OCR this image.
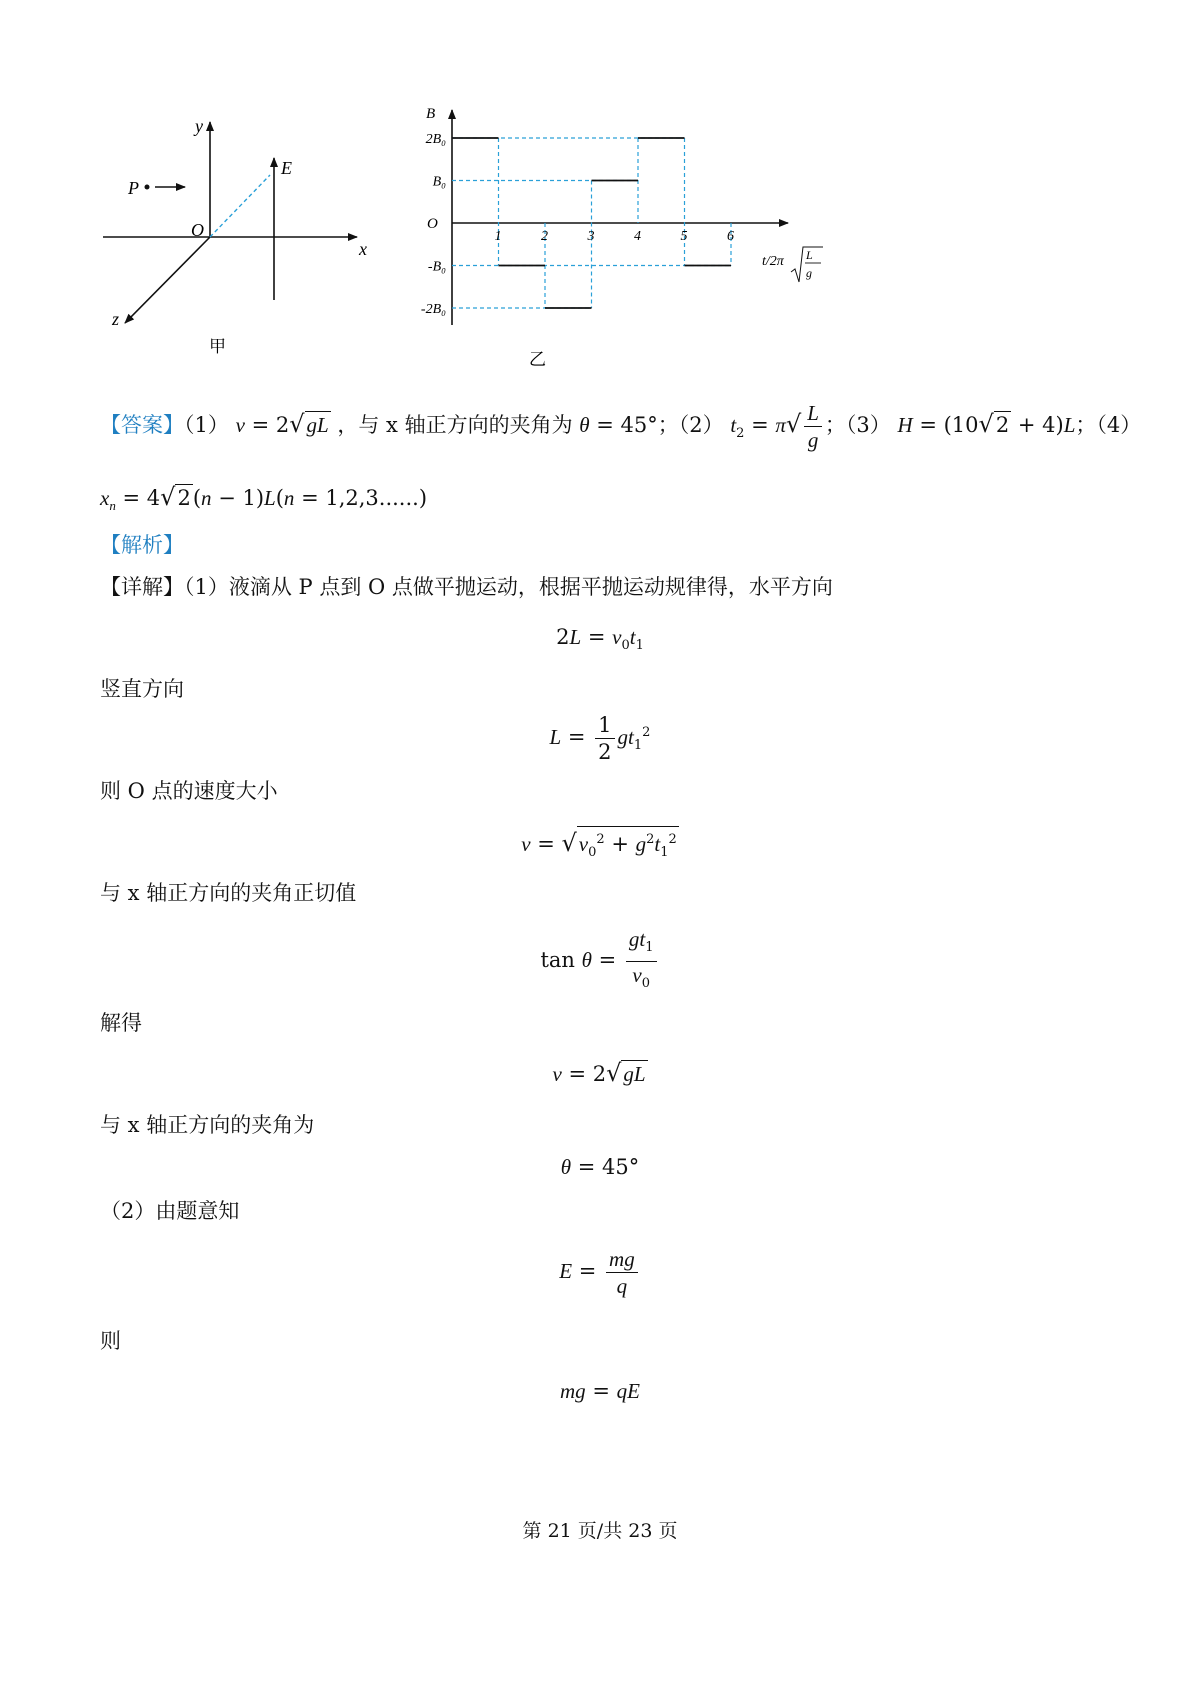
y
x
z
O
P
E
甲
1	2	3	4	5	6
2B₀
B₀
-B₀
-2B₀
B
O
t/2π L
g
乙
【答案】（1） v = 2√gL ，与 x 轴正方向的夹角为 θ = 45°；（2） $t_2 = \pi√ \frac{L}{g}$ ；（3） H = (10√2 + 4)L；（4）
$x_n = 4√2(n - 1)L(n = 1,2,3......)$
【解析】
【详解】（1）液滴从 P 点到 O 点做平抛运动，根据平抛运动规律得，水平方向
$2L = v_0t_1$
竖直方向
$L = \frac{1}{2} gt_1^2$
则 O 点的速度大小
$v = √v_0^2 + g^2t_1^2$
与 x 轴正方向的夹角正切值
$\tan \theta = \frac{gt_1}{v_0}$
解得
v = 2√gL
与 x 轴正方向的夹角为
θ = 45°
（2）由题意知
$E = \frac{mg}{q}$
则
mg = qE
第 21 页/共 23 页
